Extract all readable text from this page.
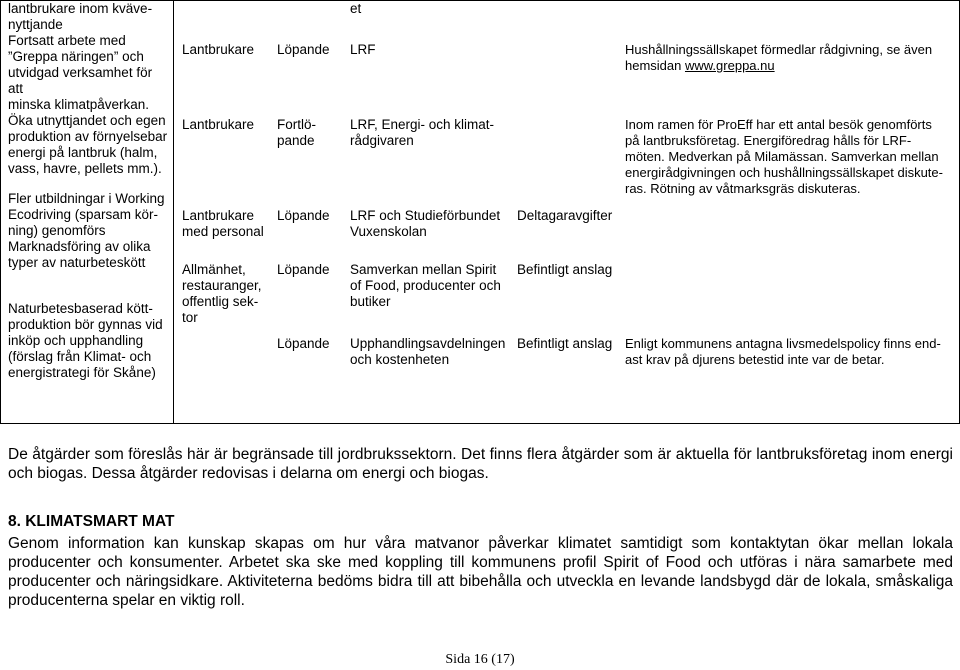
lantbrukare inom kväve-
nyttjande
Fortsatt arbete med
”Greppa näringen” och
utvidgad verksamhet för att
minska klimatpåverkan.
Öka utnyttjandet och egen
produktion av förnyelsebar
energi på lantbruk (halm,
vass, havre, pellets mm.).
Fler utbildningar i Working
Ecodriving (sparsam kör-
ning) genomförs
Marknadsföring av olika
typer av naturbeteskött
Naturbetesbaserad kött-
produktion bör gynnas vid
inköp och upphandling
(förslag från Klimat- och
energistrategi för Skåne)
et
Lantbrukare Löpande LRF	Hushållningssällskapet förmedlar rådgivning, se även
hemsidan www.greppa.nu
Lantbrukare Fortlö-
pande
LRF, Energi- och klimat-
rådgivaren
Inom ramen för ProEff har ett antal besök genomförts
på lantbruksföretag. Energiföredrag hålls för LRF-
möten. Medverkan på Milamässan. Samverkan mellan
energirådgivningen och hushållningssällskapet diskute-
ras. Rötning av våtmarksgräs diskuteras.
Lantbrukare
med personal
Löpande LRF och Studieförbundet
Vuxenskolan
Deltagaravgifter
Allmänhet,
restauranger,
offentlig sek-
tor
Löpande Samverkan mellan Spirit
of Food, producenter och
butiker
Befintligt anslag
Löpande Upphandlingsavdelningen
och kostenheten
Befintligt anslag Enligt kommunens antagna livsmedelspolicy finns end-
ast krav på djurens betestid inte var de betar.
De åtgärder som föreslås här är begränsade till jordbrukssektorn. Det finns flera åtgärder som är aktuella för lantbruksföretag inom energi och biogas. Dessa åtgärder redovisas i delarna om energi och biogas.
8. KLIMATSMART MAT
Genom information kan kunskap skapas om hur våra matvanor påverkar klimatet samtidigt som kontaktytan ökar mellan lokala producenter och konsumenter. Arbetet ska ske med koppling till kommunens profil Spirit of Food och utföras i nära samarbete med producenter och näringsidkare. Aktiviteterna bedöms bidra till att bibehålla och utveckla en levande landsbygd där de lokala, småskaliga producenterna spelar en viktig roll.
Sida 16 (17)
